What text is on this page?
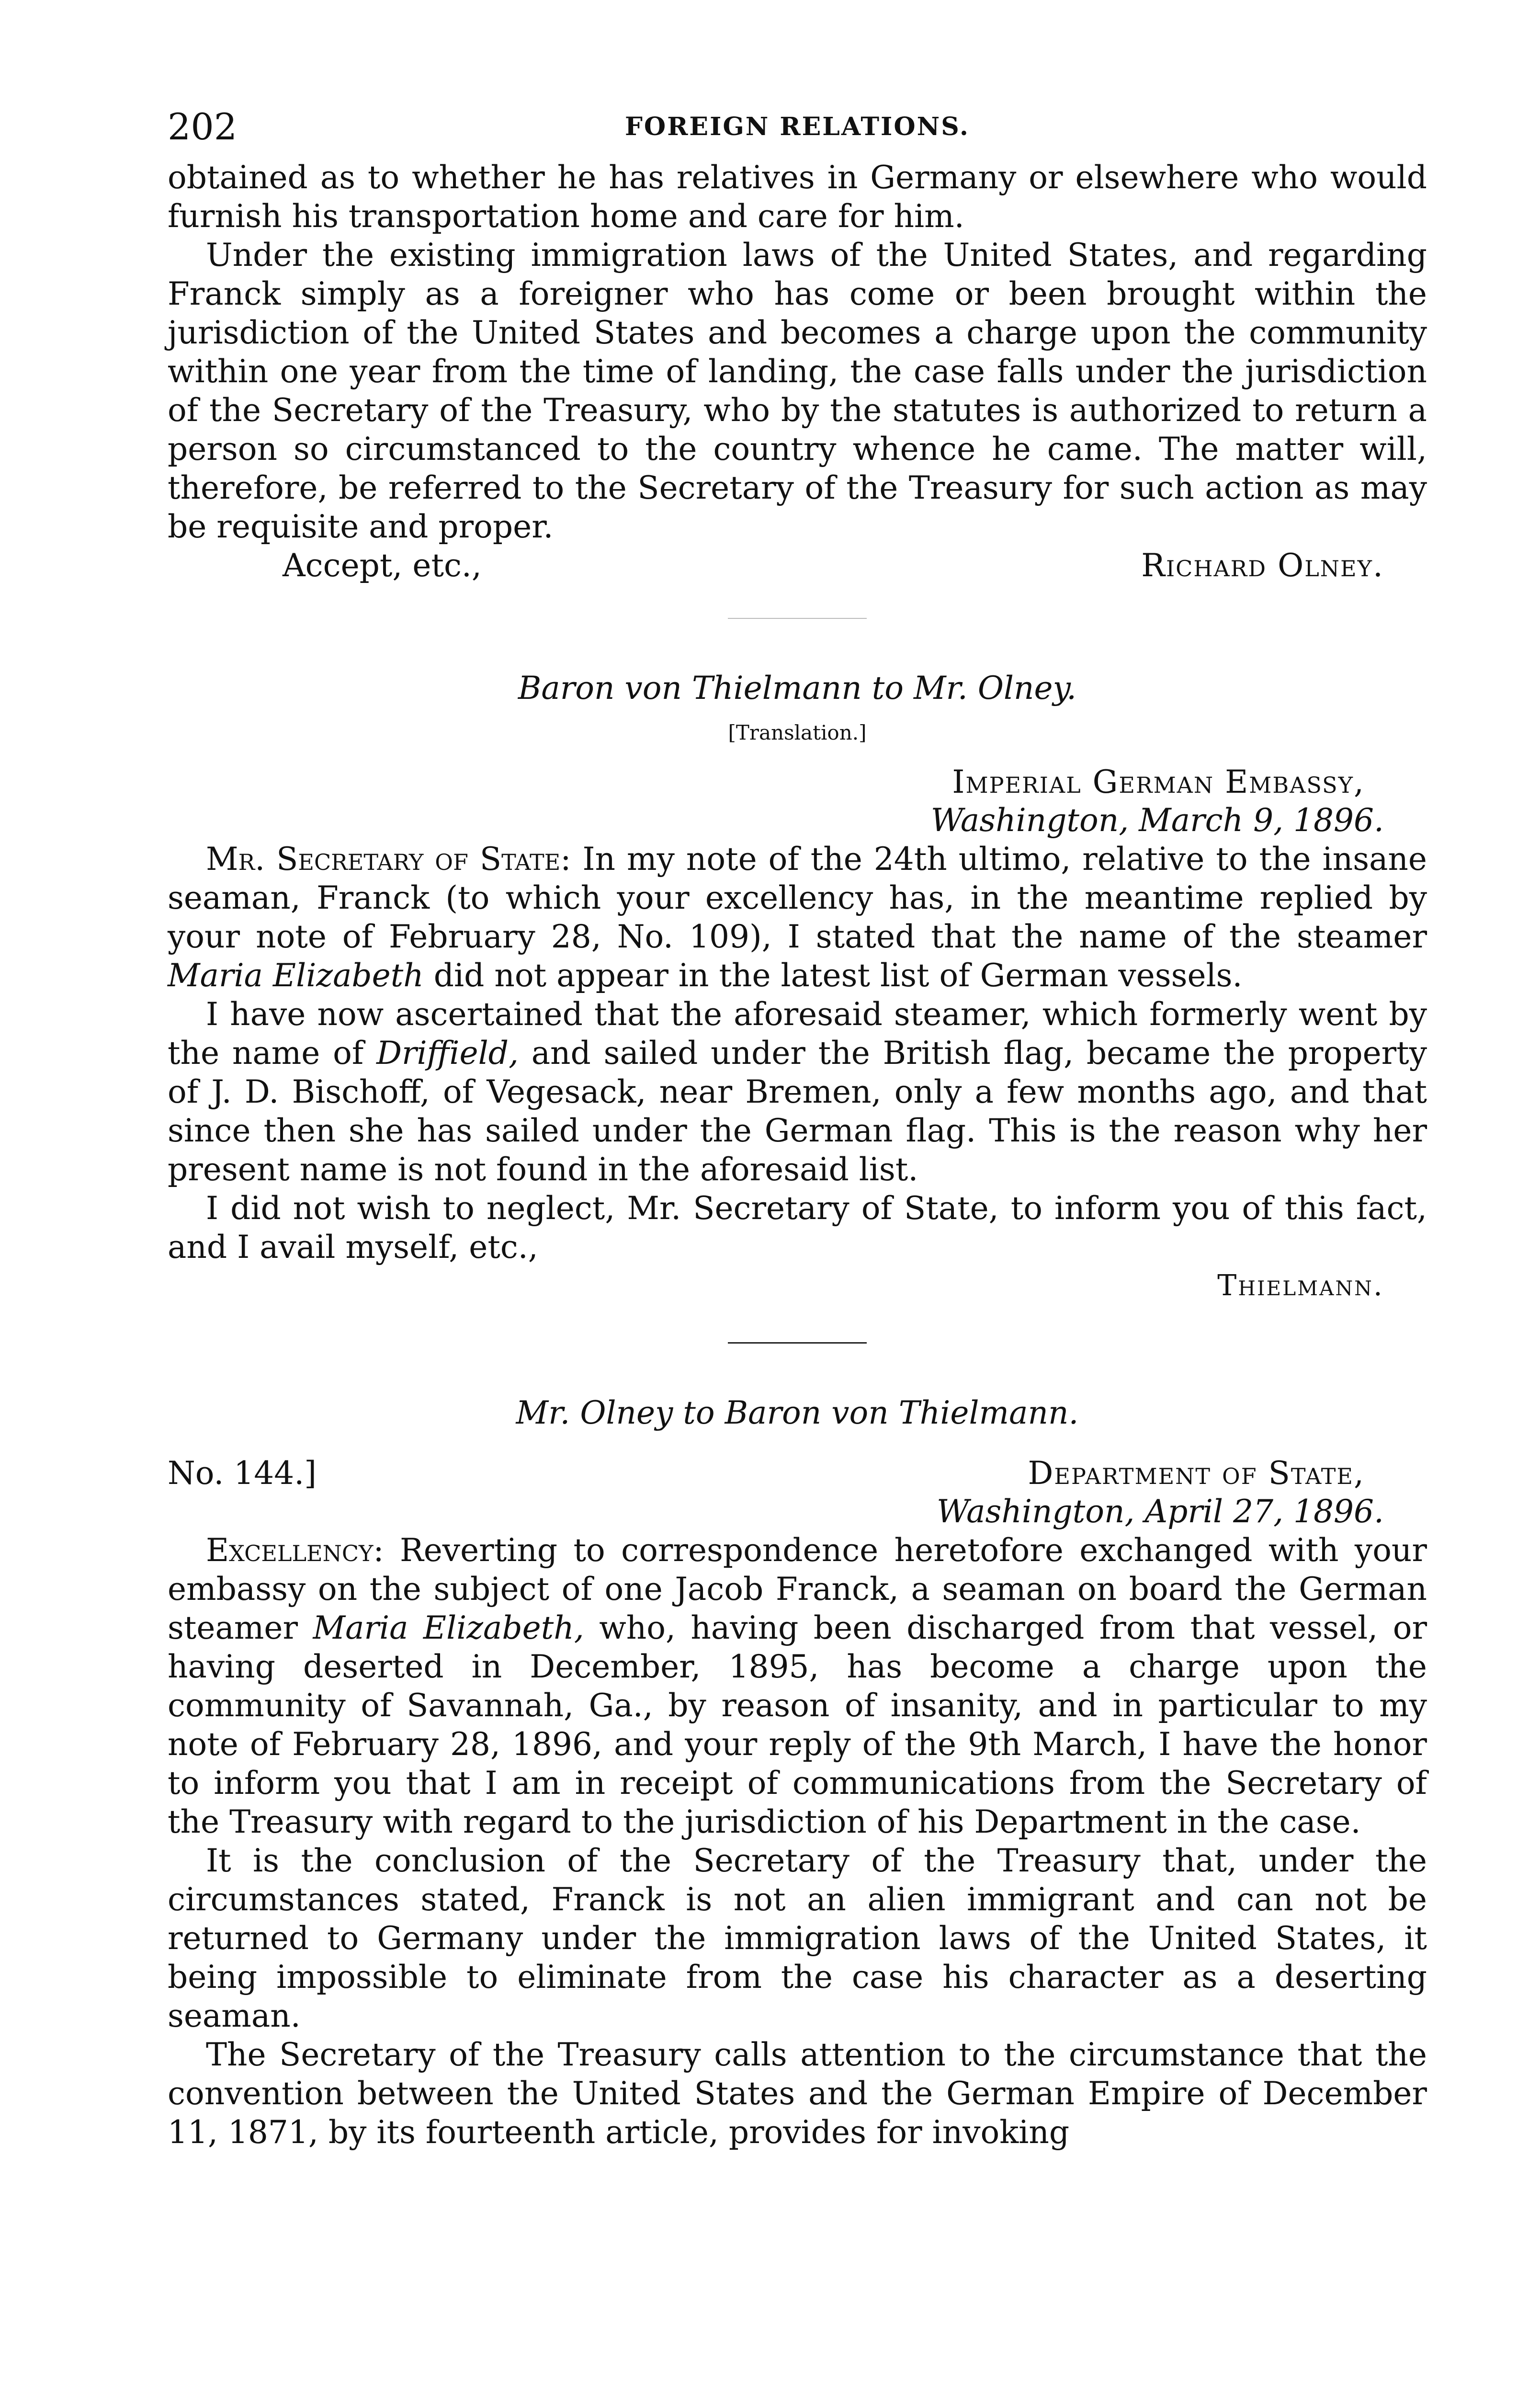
202	FOREIGN RELATIONS.

obtained as to whether he has relatives in Germany or elsewhere who would furnish his transportation home and care for him.

Under the existing immigration laws of the United States, and regarding Franck simply as a foreigner who has come or been brought within the jurisdiction of the United States and becomes a charge upon the community within one year from the time of landing, the case falls under the jurisdiction of the Secretary of the Treasury, who by the statutes is authorized to return a person so circumstanced to the country whence he came. The matter will, therefore, be referred to the Secretary of the Treasury for such action as may be requisite and proper.

Accept, etc.,	Richard Olney.
Baron von Thielmann to Mr. Olney.
[Translation.]
Imperial German Embassy,
Washington, March 9, 1896.

Mr. Secretary of State: In my note of the 24th ultimo, relative to the insane seaman, Franck (to which your excellency has, in the meantime replied by your note of February 28, No. 109), I stated that the name of the steamer Maria Elizabeth did not appear in the latest list of German vessels.

I have now ascertained that the aforesaid steamer, which formerly went by the name of Driffield, and sailed under the British flag, became the property of J. D. Bischoff, of Vegesack, near Bremen, only a few months ago, and that since then she has sailed under the German flag. This is the reason why her present name is not found in the aforesaid list.

I did not wish to neglect, Mr. Secretary of State, to inform you of this fact, and I avail myself, etc.,

Thielmann.
Mr. Olney to Baron von Thielmann.
No. 144.]	Department of State,
Washington, April 27, 1896.

Excellency: Reverting to correspondence heretofore exchanged with your embassy on the subject of one Jacob Franck, a seaman on board the German steamer Maria Elizabeth, who, having been discharged from that vessel, or having deserted in December, 1895, has become a charge upon the community of Savannah, Ga., by reason of insanity, and in particular to my note of February 28, 1896, and your reply of the 9th March, I have the honor to inform you that I am in receipt of communications from the Secretary of the Treasury with regard to the jurisdiction of his Department in the case.

It is the conclusion of the Secretary of the Treasury that, under the circumstances stated, Franck is not an alien immigrant and can not be returned to Germany under the immigration laws of the United States, it being impossible to eliminate from the case his character as a deserting seaman.

The Secretary of the Treasury calls attention to the circumstance that the convention between the United States and the German Empire of December 11, 1871, by its fourteenth article, provides for invoking
